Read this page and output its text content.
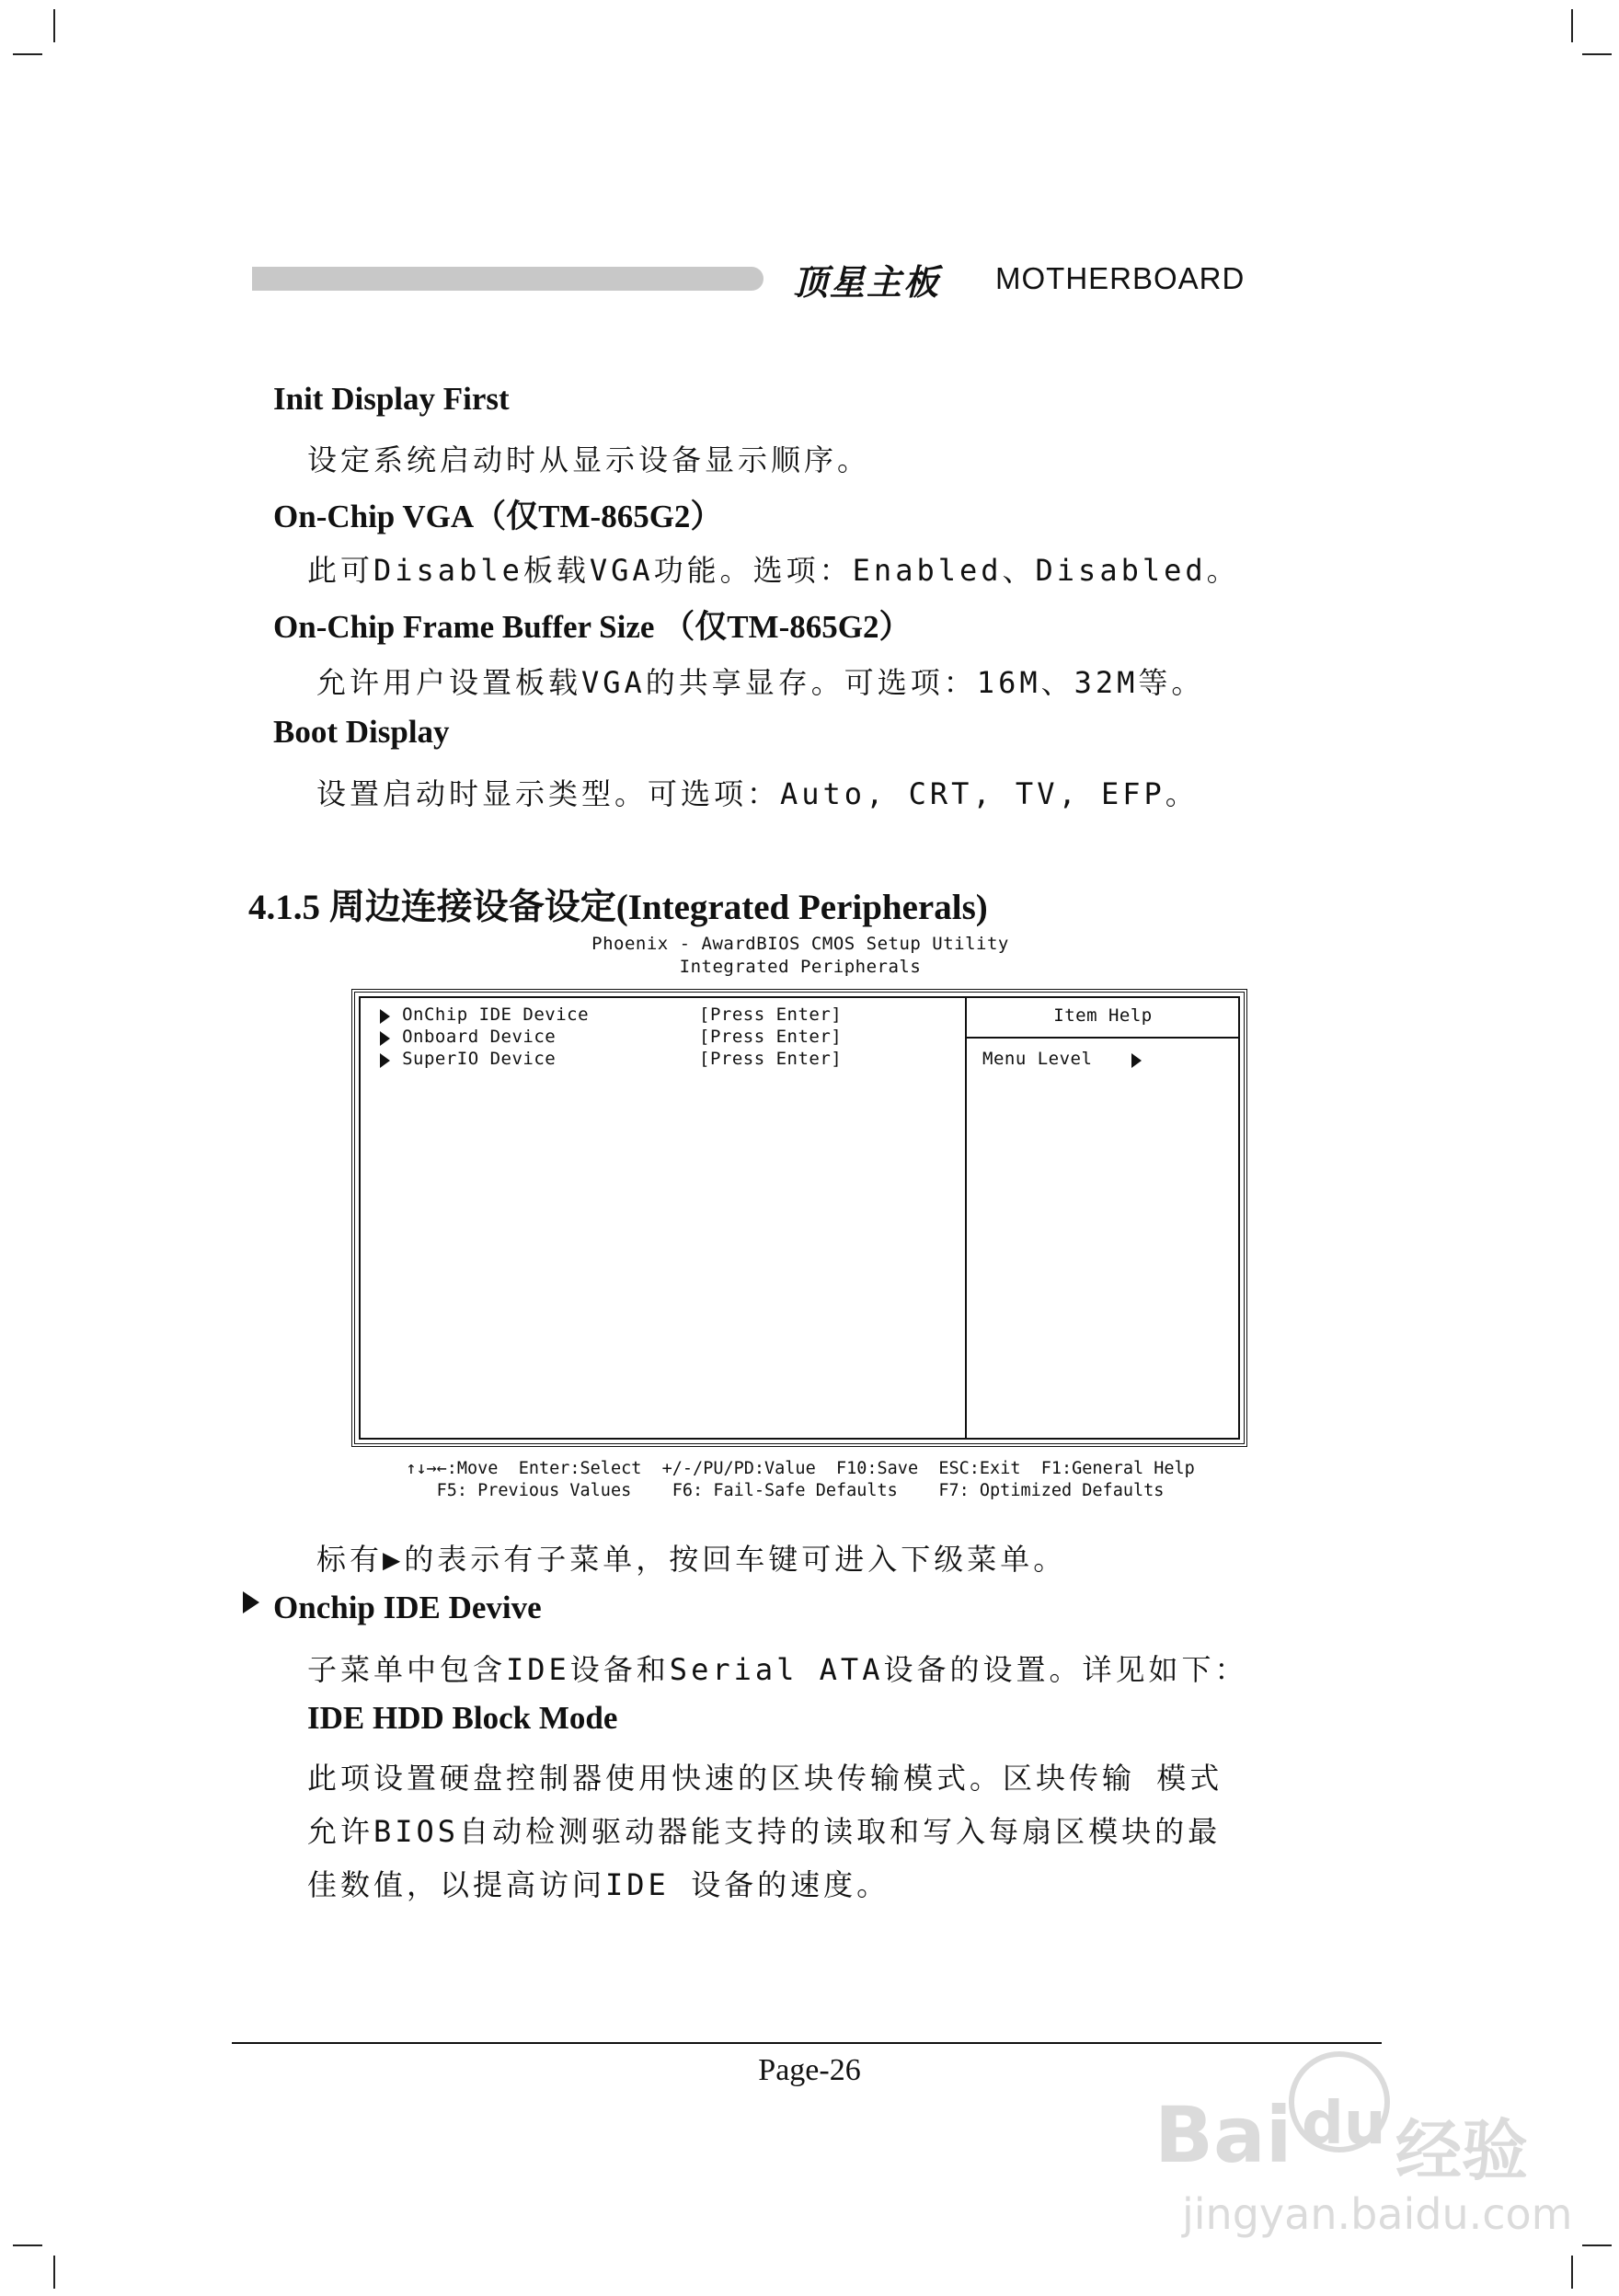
顶星主板 MOTHERBOARD
Init Display First
设定系统启动时从显示设备显示顺序。
On-Chip VGA（仅TM-865G2）
此可Disable板载VGA功能。选项：Enabled、Disabled。
On-Chip Frame Buffer Size （仅TM-865G2）
允许用户设置板载VGA的共享显存。可选项：16M、32M等。
Boot Display
设置启动时显示类型。可选项：Auto, CRT, TV, EFP。
4.1.5 周边连接设备设定(Integrated Peripherals)
Phoenix - AwardBIOS CMOS Setup Utility
Integrated Peripherals
OnChip IDE Device	[Press Enter]
Onboard Device	[Press Enter]
SuperIO Device	[Press Enter]
Item Help
Menu Level
↑↓→←:Move  Enter:Select  +/-/PU/PD:Value  F10:Save  ESC:Exit  F1:General Help
F5: Previous Values    F6: Fail-Safe Defaults    F7: Optimized Defaults
标有▶的表示有子菜单，按回车键可进入下级菜单。
Onchip IDE Devive
子菜单中包含IDE设备和Serial ATA设备的设置。详见如下：
IDE HDD Block Mode
此项设置硬盘控制器使用快速的区块传输模式。区块传输 模式
允许BIOS自动检测驱动器能支持的读取和写入每扇区模块的最
佳数值，以提高访问IDE 设备的速度。
Page-26
Bai du 经验
jingyan.baidu.com
